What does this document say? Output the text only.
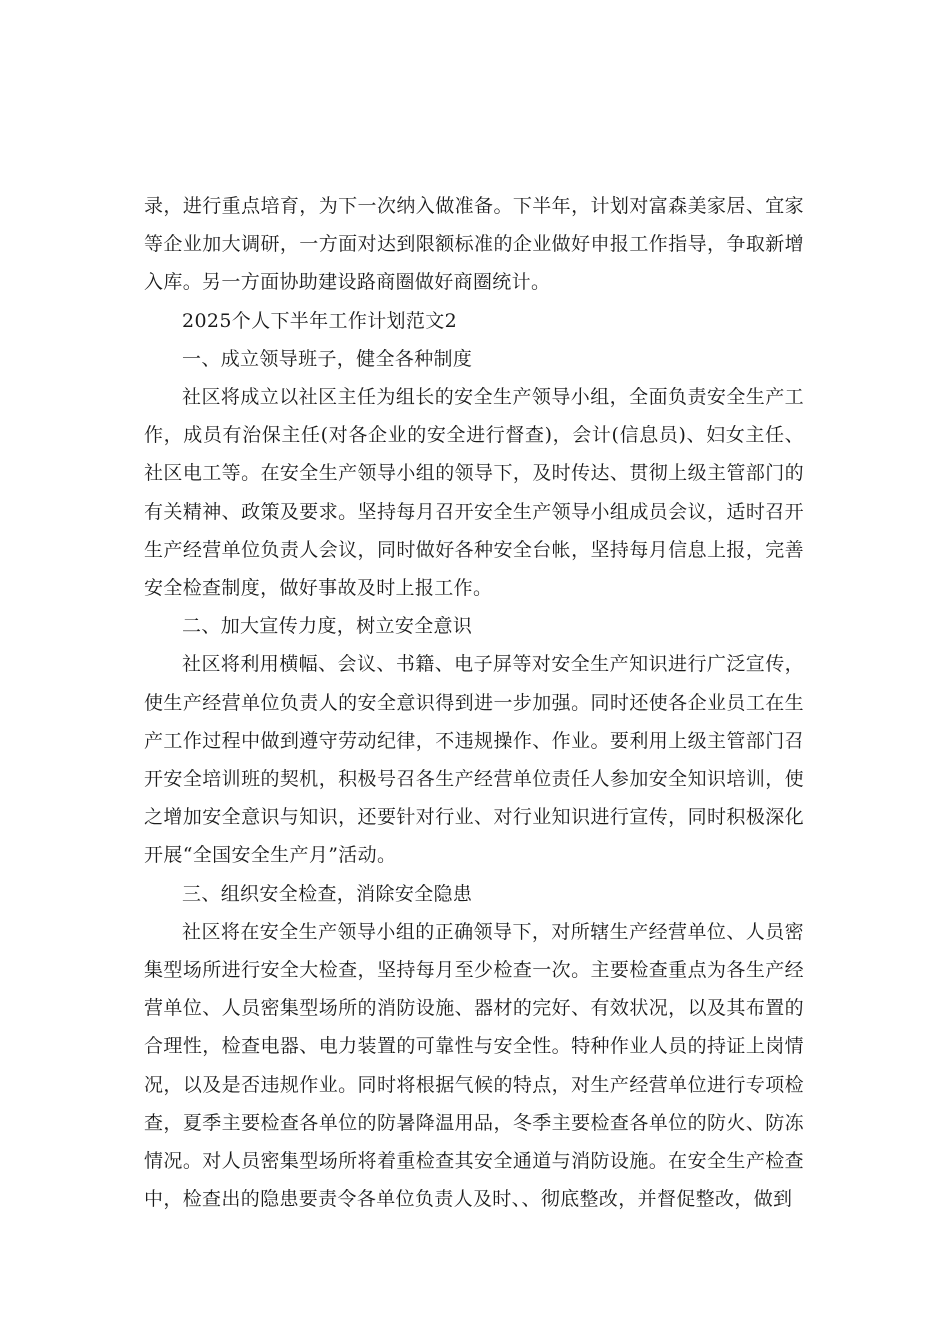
录，进行重点培育，为下一次纳入做准备。下半年，计划对富森美家居、宜家等企业加大调研，一方面对达到限额标准的企业做好申报工作指导，争取新增入库。另一方面协助建设路商圈做好商圈统计。

2025个人下半年工作计划范文2

一、成立领导班子，健全各种制度

社区将成立以社区主任为组长的安全生产领导小组，全面负责安全生产工作，成员有治保主任(对各企业的安全进行督查)，会计(信息员)、妇女主任、社区电工等。在安全生产领导小组的领导下，及时传达、贯彻上级主管部门的有关精神、政策及要求。坚持每月召开安全生产领导小组成员会议，适时召开生产经营单位负责人会议，同时做好各种安全台帐，坚持每月信息上报，完善安全检查制度，做好事故及时上报工作。

二、加大宣传力度，树立安全意识

社区将利用横幅、会议、书籍、电子屏等对安全生产知识进行广泛宣传，使生产经营单位负责人的安全意识得到进一步加强。同时还使各企业员工在生产工作过程中做到遵守劳动纪律，不违规操作、作业。要利用上级主管部门召开安全培训班的契机，积极号召各生产经营单位责任人参加安全知识培训，使之增加安全意识与知识，还要针对行业、对行业知识进行宣传，同时积极深化开展“全国安全生产月”活动。

三、组织安全检查，消除安全隐患

社区将在安全生产领导小组的正确领导下，对所辖生产经营单位、人员密集型场所进行安全大检查，坚持每月至少检查一次。主要检查重点为各生产经营单位、人员密集型场所的消防设施、器材的完好、有效状况，以及其布置的合理性，检查电器、电力装置的可靠性与安全性。特种作业人员的持证上岗情况，以及是否违规作业。同时将根据气候的特点，对生产经营单位进行专项检查，夏季主要检查各单位的防暑降温用品，冬季主要检查各单位的防火、防冻情况。对人员密集型场所将着重检查其安全通道与消防设施。在安全生产检查中，检查出的隐患要责令各单位负责人及时、、彻底整改，并督促整改，做到
